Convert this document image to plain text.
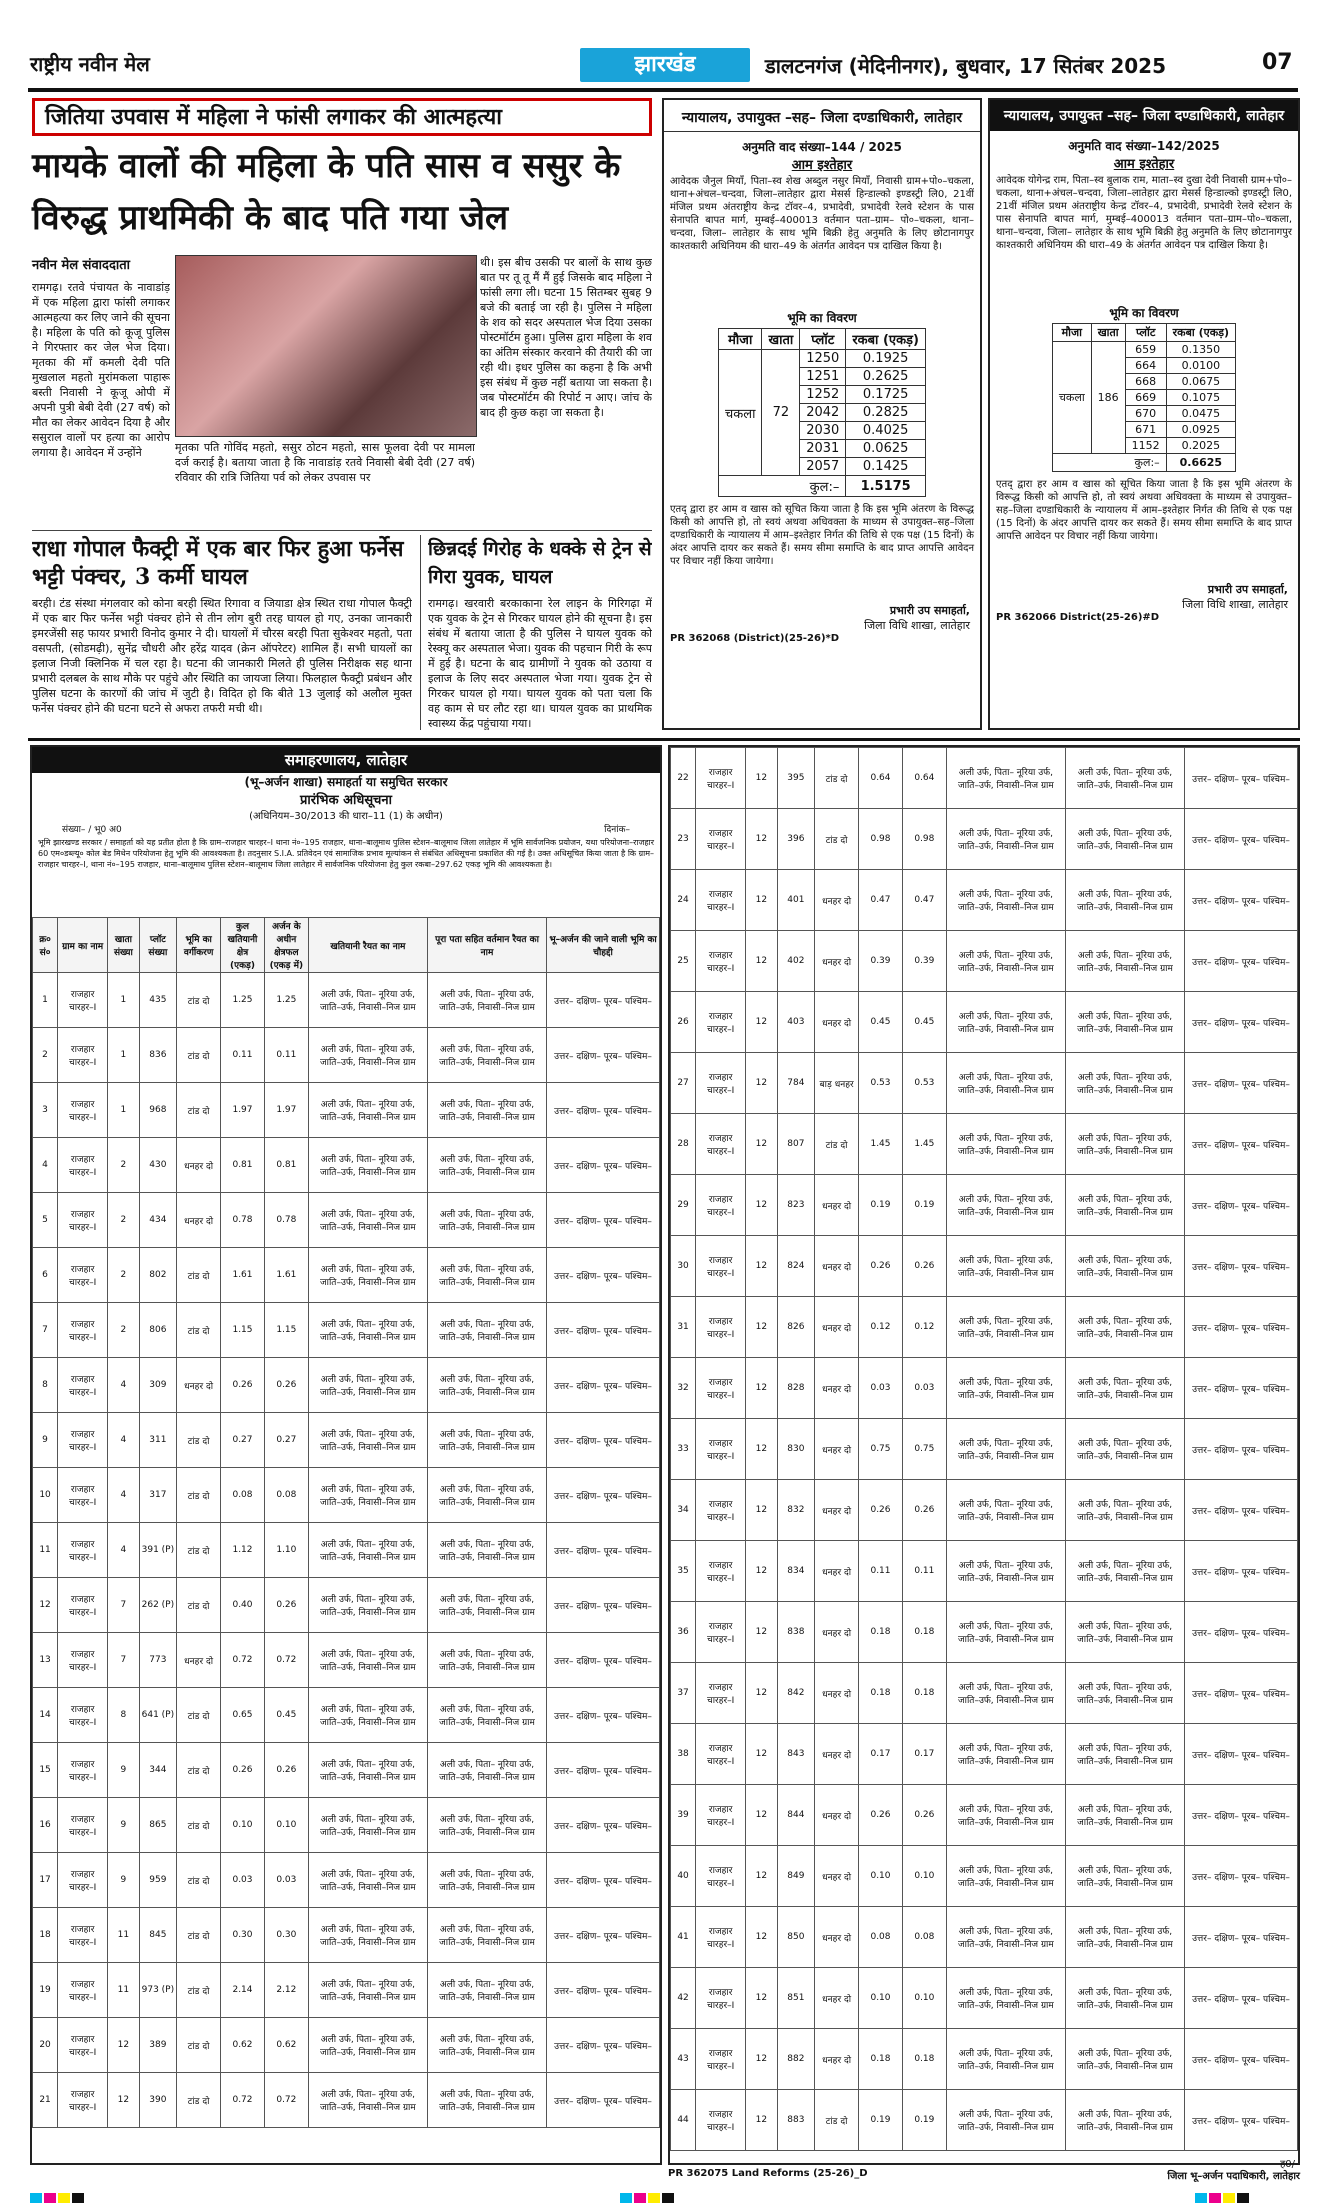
राष्ट्रीय नवीन मेल	झारखंड	डालटनगंज (मेदिनीनगर), बुधवार, 17 सितंबर 2025	07
जितिया उपवास में महिला ने फांसी लगाकर की आत्महत्या
मायके वालों की महिला के पति सास व ससुर के विरुद्ध प्राथमिकी के बाद पति गया जेल
नवीन मेल संवाददाता
रामगढ़। रतवे पंचायत के नावाडांड़ में एक महिला द्वारा फांसी लगाकर आत्महत्या कर लिए जाने की सूचना है। महिला के पति को कूजू पुलिस ने गिरफ्तार कर जेल भेज दिया। मृतका की माँ कमली देवी पति मुखलाल महतो मुरांमकला पाहारू बस्ती निवासी ने कूजू ओपी में अपनी पुत्री बेबी देवी (27 वर्ष) को मौत का लेकर आवेदन दिया है और ससुराल वालों पर हत्या का आरोप लगाया है। आवेदन में उन्होंने
थी। इस बीच उसकी पर बालों के साथ कुछ बात पर तू तू मैं मैं हुई जिसके बाद महिला ने फांसी लगा ली। घटना 15 सितम्बर सुबह 9 बजे की बताई जा रही है। पुलिस ने महिला के शव को सदर अस्पताल भेज दिया उसका पोस्टमॉर्टम हुआ। पुलिस द्वारा महिला के शव का अंतिम संस्कार करवाने की तैयारी की जा रही थी। इधर पुलिस का कहना है कि अभी इस संबंध में कुछ नहीं बताया जा सकता है। जब पोस्टमॉर्टम की रिपोर्ट न आए। जांच के बाद ही कुछ कहा जा सकता है।
मृतका पति गोविंद महतो, ससुर ठोटन महतो, सास फूलवा देवी पर मामला दर्ज कराई है। बताया जाता है कि नावाडांड़ रतवे निवासी बेबी देवी (27 वर्ष) रविवार की रात्रि जितिया पर्व को लेकर उपवास पर
राधा गोपाल फैक्ट्री में एक बार फिर हुआ फर्नेस भट्टी पंक्चर, 3 कर्मी घायल
बरही। टंड संस्था मंगलवार को कोना बरही स्थित रिगावा व जियाडा क्षेत्र स्थित राधा गोपाल फैक्ट्री में एक बार फिर फर्नेस भट्टी पंक्चर होने से तीन लोग बुरी तरह घायल हो गए, उनका जानकारी इमरजेंसी सह फायर प्रभारी विनोद कुमार ने दी। घायलों में चौरस बरही पिता सुकेश्वर महतो, पता वसपती, (सोडमढ़ी), सुनेंद्र चौधरी और हरेंद्र यादव (क्रेन ऑपरेटर) शामिल हैं। सभी घायलों का इलाज निजी क्लिनिक में चल रहा है। घटना की जानकारी मिलते ही पुलिस निरीक्षक सह थाना प्रभारी दलबल के साथ मौके पर पहुंचे और स्थिति का जायजा लिया। फिलहाल फैक्ट्री प्रबंधन और पुलिस घटना के कारणों की जांच में जुटी है। विदित हो कि बीते 13 जुलाई को अलौल मुक्त फर्नेस पंक्चर होने की घटना घटने से अफरा तफरी मची थी।
छिन्नदई गिरोह के धक्के से ट्रेन से गिरा युवक, घायल
रामगढ़। खरवारी बरकाकाना रेल लाइन के गिरिगढ़ा में एक युवक के ट्रेन से गिरकर घायल होने की सूचना है। इस संबंध में बताया जाता है की पुलिस ने घायल युवक को रेस्क्यू कर अस्पताल भेजा। युवक की पहचान गिरी के रूप में हुई है। घटना के बाद ग्रामीणों ने युवक को उठाया व इलाज के लिए सदर अस्पताल भेजा गया। युवक ट्रेन से गिरकर घायल हो गया। घायल युवक को पता चला कि वह काम से घर लौट रहा था। घायल युवक का प्राथमिक स्वास्थ्य केंद्र पहुंचाया गया।
न्यायालय, उपायुक्त –सह– जिला दण्डाधिकारी, लातेहार
अनुमति वाद संख्या–144 / 2025
आम इश्तेहार
आवेदक जैनुल मियाँ, पिता–स्व शेख अब्दुल नसुर मियाँ, निवासी ग्राम+पो०–चकला, थाना+अंचल–चन्दवा, जिला–लातेहार द्वारा मेसर्स हिन्डाल्को इण्डस्ट्री लि0, 21वीं मंजिल प्रथम अंतराष्ट्रीय केन्द्र टॉवर–4, प्रभादेवी, प्रभादेवी रेलवे स्टेशन के पास सेनापति बापत मार्ग, मुम्बई–400013 वर्तमान पता–ग्राम– पो०–चकला, थाना–चन्दवा, जिला– लातेहार के साथ भूमि बिक्री हेतु अनुमति के लिए छोटानागपुर काश्तकारी अधिनियम की धारा–49 के अंतर्गत आवेदन पत्र दाखिल किया है।
भूमि का विवरण
मौजा	खाता	प्लॉट	रकबा (एकड़)
चकला	72	1250	0.1925
		1251	0.2625
		1252	0.1725
		2042	0.2825
		2030	0.4025
		2031	0.0625
		2057	0.1425
कुल:–			1.5175
एतद् द्वारा हर आम व खास को सूचित किया जाता है कि इस भूमि अंतरण के विरूद्ध किसी को आपत्ति हो, तो स्वयं अथवा अधिवक्ता के माध्यम से उपायुक्त–सह–जिला दण्डाधिकारी के न्यायालय में आम–इश्तेहार निर्गत की तिथि से एक पक्ष (15 दिनों) के अंदर आपत्ति दायर कर सकते हैं। समय सीमा समाप्ति के बाद प्राप्त आपत्ति आवेदन पर विचार नहीं किया जायेगा।
प्रभारी उप समाहर्ता,
जिला विधि शाखा, लातेहार
PR 362068 (District)(25-26)*D
न्यायालय, उपायुक्त –सह– जिला दण्डाधिकारी, लातेहार
अनुमति वाद संख्या–142/2025
आम इश्तेहार
आवेदक योगेन्द्र राम, पिता–स्व बुलाक राम, माता–स्व दुखा देवी निवासी ग्राम+पो०–चकला, थाना+अंचल–चन्दवा, जिला–लातेहार द्वारा मेसर्स हिन्डाल्को इण्डस्ट्री लि0, 21वीं मंजिल प्रथम अंतराष्ट्रीय केन्द्र टॉवर–4, प्रभादेवी, प्रभादेवी रेलवे स्टेशन के पास सेनापति बापत मार्ग, मुम्बई–400013 वर्तमान पता–ग्राम–पो०–चकला, थाना–चन्दवा, जिला– लातेहार के साथ भूमि बिक्री हेतु अनुमति के लिए छोटानागपुर काश्तकारी अधिनियम की धारा–49 के अंतर्गत आवेदन पत्र दाखिल किया है।
भूमि का विवरण
मौजा	खाता	प्लॉट	रकबा (एकड़)
चकला	186	659	0.1350
		664	0.0100
		668	0.0675
		669	0.1075
		670	0.0475
		671	0.0925
		1152	0.2025
कुल:–			0.6625
एतद् द्वारा हर आम व खास को सूचित किया जाता है कि इस भूमि अंतरण के विरूद्ध किसी को आपत्ति हो, तो स्वयं अथवा अधिवक्ता के माध्यम से उपायुक्त–सह–जिला दण्डाधिकारी के न्यायालय में आम–इश्तेहार निर्गत की तिथि से एक पक्ष (15 दिनों) के अंदर आपत्ति दायर कर सकते हैं। समय सीमा समाप्ति के बाद प्राप्त आपत्ति आवेदन पर विचार नहीं किया जायेगा।
प्रभारी उप समाहर्ता,
जिला विधि शाखा, लातेहार
PR 362066 District(25-26)#D
समाहरणालय, लातेहार
(भू–अर्जन शाखा) समाहर्ता या समुचित सरकार
प्रारंभिक अधिसूचना
(अधिनियम–30/2013 की धारा–11 (1) के अधीन)
संख्या– / भू0 अ0	दिनांक–
भूमि झारखण्ड सरकार / समाहर्ता को यह प्रतीत होता है कि ग्राम–राजहार चारहर–I थाना नं०–195 राजहार, थाना–बालूमाथ पुलिस स्टेशन–बालूमाथ जिला लातेहार में भूमि सार्वजनिक प्रयोजन, यथा परियोजना–राजहार 60 एम०डब्ल्यू० कोल बेड मिथेन परियोजना हेतु भूमि की आवश्यकता है। तदनुसार S.I.A. प्रतिवेदन एवं सामाजिक प्रभाव मूल्यांकन से संबंधित अधिसूचना प्रकाशित की गई है। उक्त अधिसूचित किया जाता है कि ग्राम–राजहार चारहर–I, थाना नं०–195 राजहार, थाना–बालूमाथ पुलिस स्टेशन–बालूमाथ जिला लातेहार में सार्वजनिक परियोजना हेतु कुल रकबा–297.62 एकड़ भूमि की आवश्यकता है।
क्र० सं०	ग्राम का नाम	खाता संख्या	प्लॉट संख्या	भूमि का वर्गीकरण	कुल खतियानी क्षेत्र (एकड़)	अर्जन के अधीन क्षेत्रफल (एकड़ में)	खतियानी रैयत का नाम	पूरा पता सहित वर्तमान रैयत का नाम	भू–अर्जन की जाने वाली भूमि का चौहद्दी
1	राजहार चारहर–I	1	435	टांड दो	1.25	1.25	अली उर्फ, पिता– नूरिया उर्फ, जाति–उर्फ, निवासी–निज ग्राम	अली उर्फ, पिता– नूरिया उर्फ, जाति–उर्फ, निवासी–निज ग्राम	उत्तर– दक्षिण– पूरब– पश्चिम–
2	राजहार चारहर–I	1	836	टांड दो	0.11	0.11	अली उर्फ, पिता– नूरिया उर्फ, जाति–उर्फ, निवासी–निज ग्राम	अली उर्फ, पिता– नूरिया उर्फ, जाति–उर्फ, निवासी–निज ग्राम	उत्तर– दक्षिण– पूरब– पश्चिम–
3	राजहार चारहर–I	1	968	टांड दो	1.97	1.97	अली उर्फ, पिता– नूरिया उर्फ, जाति–उर्फ, निवासी–निज ग्राम	अली उर्फ, पिता– नूरिया उर्फ, जाति–उर्फ, निवासी–निज ग्राम	उत्तर– दक्षिण– पूरब– पश्चिम–
4	राजहार चारहर–I	2	430	धनहर दो	0.81	0.81	अली उर्फ, पिता– नूरिया उर्फ, जाति–उर्फ, निवासी–निज ग्राम	अली उर्फ, पिता– नूरिया उर्फ, जाति–उर्फ, निवासी–निज ग्राम	उत्तर– दक्षिण– पूरब– पश्चिम–
5	राजहार चारहर–I	2	434	धनहर दो	0.78	0.78	अली उर्फ, पिता– नूरिया उर्फ, जाति–उर्फ, निवासी–निज ग्राम	अली उर्फ, पिता– नूरिया उर्फ, जाति–उर्फ, निवासी–निज ग्राम	उत्तर– दक्षिण– पूरब– पश्चिम–
6	राजहार चारहर–I	2	802	टांड दो	1.61	1.61	अली उर्फ, पिता– नूरिया उर्फ, जाति–उर्फ, निवासी–निज ग्राम	अली उर्फ, पिता– नूरिया उर्फ, जाति–उर्फ, निवासी–निज ग्राम	उत्तर– दक्षिण– पूरब– पश्चिम–
7	राजहार चारहर–I	2	806	टांड दो	1.15	1.15	अली उर्फ, पिता– नूरिया उर्फ, जाति–उर्फ, निवासी–निज ग्राम	अली उर्फ, पिता– नूरिया उर्फ, जाति–उर्फ, निवासी–निज ग्राम	उत्तर– दक्षिण– पूरब– पश्चिम–
8	राजहार चारहर–I	4	309	धनहर दो	0.26	0.26	अली उर्फ, पिता– नूरिया उर्फ, जाति–उर्फ, निवासी–निज ग्राम	अली उर्फ, पिता– नूरिया उर्फ, जाति–उर्फ, निवासी–निज ग्राम	उत्तर– दक्षिण– पूरब– पश्चिम–
9	राजहार चारहर–I	4	311	टांड दो	0.27	0.27	अली उर्फ, पिता– नूरिया उर्फ, जाति–उर्फ, निवासी–निज ग्राम	अली उर्फ, पिता– नूरिया उर्फ, जाति–उर्फ, निवासी–निज ग्राम	उत्तर– दक्षिण– पूरब– पश्चिम–
10	राजहार चारहर–I	4	317	टांड दो	0.08	0.08	अली उर्फ, पिता– नूरिया उर्फ, जाति–उर्फ, निवासी–निज ग्राम	अली उर्फ, पिता– नूरिया उर्फ, जाति–उर्फ, निवासी–निज ग्राम	उत्तर– दक्षिण– पूरब– पश्चिम–
11	राजहार चारहर–I	4	391 (P)	टांड दो	1.12	1.10	अली उर्फ, पिता– नूरिया उर्फ, जाति–उर्फ, निवासी–निज ग्राम	अली उर्फ, पिता– नूरिया उर्फ, जाति–उर्फ, निवासी–निज ग्राम	उत्तर– दक्षिण– पूरब– पश्चिम–
12	राजहार चारहर–I	7	262 (P)	टांड दो	0.40	0.26	अली उर्फ, पिता– नूरिया उर्फ, जाति–उर्फ, निवासी–निज ग्राम	अली उर्फ, पिता– नूरिया उर्फ, जाति–उर्फ, निवासी–निज ग्राम	उत्तर– दक्षिण– पूरब– पश्चिम–
13	राजहार चारहर–I	7	773	धनहर दो	0.72	0.72	अली उर्फ, पिता– नूरिया उर्फ, जाति–उर्फ, निवासी–निज ग्राम	अली उर्फ, पिता– नूरिया उर्फ, जाति–उर्फ, निवासी–निज ग्राम	उत्तर– दक्षिण– पूरब– पश्चिम–
14	राजहार चारहर–I	8	641 (P)	टांड दो	0.65	0.45	अली उर्फ, पिता– नूरिया उर्फ, जाति–उर्फ, निवासी–निज ग्राम	अली उर्फ, पिता– नूरिया उर्फ, जाति–उर्फ, निवासी–निज ग्राम	उत्तर– दक्षिण– पूरब– पश्चिम–
15	राजहार चारहर–I	9	344	टांड दो	0.26	0.26	अली उर्फ, पिता– नूरिया उर्फ, जाति–उर्फ, निवासी–निज ग्राम	अली उर्फ, पिता– नूरिया उर्फ, जाति–उर्फ, निवासी–निज ग्राम	उत्तर– दक्षिण– पूरब– पश्चिम–
16	राजहार चारहर–I	9	865	टांड दो	0.10	0.10	अली उर्फ, पिता– नूरिया उर्फ, जाति–उर्फ, निवासी–निज ग्राम	अली उर्फ, पिता– नूरिया उर्फ, जाति–उर्फ, निवासी–निज ग्राम	उत्तर– दक्षिण– पूरब– पश्चिम–
17	राजहार चारहर–I	9	959	टांड दो	0.03	0.03	अली उर्फ, पिता– नूरिया उर्फ, जाति–उर्फ, निवासी–निज ग्राम	अली उर्फ, पिता– नूरिया उर्फ, जाति–उर्फ, निवासी–निज ग्राम	उत्तर– दक्षिण– पूरब– पश्चिम–
18	राजहार चारहर–I	11	845	टांड दो	0.30	0.30	अली उर्फ, पिता– नूरिया उर्फ, जाति–उर्फ, निवासी–निज ग्राम	अली उर्फ, पिता– नूरिया उर्फ, जाति–उर्फ, निवासी–निज ग्राम	उत्तर– दक्षिण– पूरब– पश्चिम–
19	राजहार चारहर–I	11	973 (P)	टांड दो	2.14	2.12	अली उर्फ, पिता– नूरिया उर्फ, जाति–उर्फ, निवासी–निज ग्राम	अली उर्फ, पिता– नूरिया उर्फ, जाति–उर्फ, निवासी–निज ग्राम	उत्तर– दक्षिण– पूरब– पश्चिम–
20	राजहार चारहर–I	12	389	टांड दो	0.62	0.62	अली उर्फ, पिता– नूरिया उर्फ, जाति–उर्फ, निवासी–निज ग्राम	अली उर्फ, पिता– नूरिया उर्फ, जाति–उर्फ, निवासी–निज ग्राम	उत्तर– दक्षिण– पूरब– पश्चिम–
21	राजहार चारहर–I	12	390	टांड दो	0.72	0.72	अली उर्फ, पिता– नूरिया उर्फ, जाति–उर्फ, निवासी–निज ग्राम	अली उर्फ, पिता– नूरिया उर्फ, जाति–उर्फ, निवासी–निज ग्राम	उत्तर– दक्षिण– पूरब– पश्चिम–
22	राजहार चारहर–I	12	395	टांड दो	0.64	0.64	अली उर्फ, पिता– नूरिया उर्फ, जाति–उर्फ, निवासी–निज ग्राम	अली उर्फ, पिता– नूरिया उर्फ, जाति–उर्फ, निवासी–निज ग्राम	उत्तर– दक्षिण– पूरब– पश्चिम–
23	राजहार चारहर–I	12	396	टांड दो	0.98	0.98	अली उर्फ, पिता– नूरिया उर्फ, जाति–उर्फ, निवासी–निज ग्राम	अली उर्फ, पिता– नूरिया उर्फ, जाति–उर्फ, निवासी–निज ग्राम	उत्तर– दक्षिण– पूरब– पश्चिम–
24	राजहार चारहर–I	12	401	धनहर दो	0.47	0.47	अली उर्फ, पिता– नूरिया उर्फ, जाति–उर्फ, निवासी–निज ग्राम	अली उर्फ, पिता– नूरिया उर्फ, जाति–उर्फ, निवासी–निज ग्राम	उत्तर– दक्षिण– पूरब– पश्चिम–
25	राजहार चारहर–I	12	402	धनहर दो	0.39	0.39	अली उर्फ, पिता– नूरिया उर्फ, जाति–उर्फ, निवासी–निज ग्राम	अली उर्फ, पिता– नूरिया उर्फ, जाति–उर्फ, निवासी–निज ग्राम	उत्तर– दक्षिण– पूरब– पश्चिम–
26	राजहार चारहर–I	12	403	धनहर दो	0.45	0.45	अली उर्फ, पिता– नूरिया उर्फ, जाति–उर्फ, निवासी–निज ग्राम	अली उर्फ, पिता– नूरिया उर्फ, जाति–उर्फ, निवासी–निज ग्राम	उत्तर– दक्षिण– पूरब– पश्चिम–
27	राजहार चारहर–I	12	784	बाड़ धनहर	0.53	0.53	अली उर्फ, पिता– नूरिया उर्फ, जाति–उर्फ, निवासी–निज ग्राम	अली उर्फ, पिता– नूरिया उर्फ, जाति–उर्फ, निवासी–निज ग्राम	उत्तर– दक्षिण– पूरब– पश्चिम–
28	राजहार चारहर–I	12	807	टांड दो	1.45	1.45	अली उर्फ, पिता– नूरिया उर्फ, जाति–उर्फ, निवासी–निज ग्राम	अली उर्फ, पिता– नूरिया उर्फ, जाति–उर्फ, निवासी–निज ग्राम	उत्तर– दक्षिण– पूरब– पश्चिम–
29	राजहार चारहर–I	12	823	धनहर दो	0.19	0.19	अली उर्फ, पिता– नूरिया उर्फ, जाति–उर्फ, निवासी–निज ग्राम	अली उर्फ, पिता– नूरिया उर्फ, जाति–उर्फ, निवासी–निज ग्राम	उत्तर– दक्षिण– पूरब– पश्चिम–
30	राजहार चारहर–I	12	824	धनहर दो	0.26	0.26	अली उर्फ, पिता– नूरिया उर्फ, जाति–उर्फ, निवासी–निज ग्राम	अली उर्फ, पिता– नूरिया उर्फ, जाति–उर्फ, निवासी–निज ग्राम	उत्तर– दक्षिण– पूरब– पश्चिम–
31	राजहार चारहर–I	12	826	धनहर दो	0.12	0.12	अली उर्फ, पिता– नूरिया उर्फ, जाति–उर्फ, निवासी–निज ग्राम	अली उर्फ, पिता– नूरिया उर्फ, जाति–उर्फ, निवासी–निज ग्राम	उत्तर– दक्षिण– पूरब– पश्चिम–
32	राजहार चारहर–I	12	828	धनहर दो	0.03	0.03	अली उर्फ, पिता– नूरिया उर्फ, जाति–उर्फ, निवासी–निज ग्राम	अली उर्फ, पिता– नूरिया उर्फ, जाति–उर्फ, निवासी–निज ग्राम	उत्तर– दक्षिण– पूरब– पश्चिम–
33	राजहार चारहर–I	12	830	धनहर दो	0.75	0.75	अली उर्फ, पिता– नूरिया उर्फ, जाति–उर्फ, निवासी–निज ग्राम	अली उर्फ, पिता– नूरिया उर्फ, जाति–उर्फ, निवासी–निज ग्राम	उत्तर– दक्षिण– पूरब– पश्चिम–
34	राजहार चारहर–I	12	832	धनहर दो	0.26	0.26	अली उर्फ, पिता– नूरिया उर्फ, जाति–उर्फ, निवासी–निज ग्राम	अली उर्फ, पिता– नूरिया उर्फ, जाति–उर्फ, निवासी–निज ग्राम	उत्तर– दक्षिण– पूरब– पश्चिम–
35	राजहार चारहर–I	12	834	धनहर दो	0.11	0.11	अली उर्फ, पिता– नूरिया उर्फ, जाति–उर्फ, निवासी–निज ग्राम	अली उर्फ, पिता– नूरिया उर्फ, जाति–उर्फ, निवासी–निज ग्राम	उत्तर– दक्षिण– पूरब– पश्चिम–
36	राजहार चारहर–I	12	838	धनहर दो	0.18	0.18	अली उर्फ, पिता– नूरिया उर्फ, जाति–उर्फ, निवासी–निज ग्राम	अली उर्फ, पिता– नूरिया उर्फ, जाति–उर्फ, निवासी–निज ग्राम	उत्तर– दक्षिण– पूरब– पश्चिम–
37	राजहार चारहर–I	12	842	धनहर दो	0.18	0.18	अली उर्फ, पिता– नूरिया उर्फ, जाति–उर्फ, निवासी–निज ग्राम	अली उर्फ, पिता– नूरिया उर्फ, जाति–उर्फ, निवासी–निज ग्राम	उत्तर– दक्षिण– पूरब– पश्चिम–
38	राजहार चारहर–I	12	843	धनहर दो	0.17	0.17	अली उर्फ, पिता– नूरिया उर्फ, जाति–उर्फ, निवासी–निज ग्राम	अली उर्फ, पिता– नूरिया उर्फ, जाति–उर्फ, निवासी–निज ग्राम	उत्तर– दक्षिण– पूरब– पश्चिम–
39	राजहार चारहर–I	12	844	धनहर दो	0.26	0.26	अली उर्फ, पिता– नूरिया उर्फ, जाति–उर्फ, निवासी–निज ग्राम	अली उर्फ, पिता– नूरिया उर्फ, जाति–उर्फ, निवासी–निज ग्राम	उत्तर– दक्षिण– पूरब– पश्चिम–
40	राजहार चारहर–I	12	849	धनहर दो	0.10	0.10	अली उर्फ, पिता– नूरिया उर्फ, जाति–उर्फ, निवासी–निज ग्राम	अली उर्फ, पिता– नूरिया उर्फ, जाति–उर्फ, निवासी–निज ग्राम	उत्तर– दक्षिण– पूरब– पश्चिम–
41	राजहार चारहर–I	12	850	धनहर दो	0.08	0.08	अली उर्फ, पिता– नूरिया उर्फ, जाति–उर्फ, निवासी–निज ग्राम	अली उर्फ, पिता– नूरिया उर्फ, जाति–उर्फ, निवासी–निज ग्राम	उत्तर– दक्षिण– पूरब– पश्चिम–
42	राजहार चारहर–I	12	851	धनहर दो	0.10	0.10	अली उर्फ, पिता– नूरिया उर्फ, जाति–उर्फ, निवासी–निज ग्राम	अली उर्फ, पिता– नूरिया उर्फ, जाति–उर्फ, निवासी–निज ग्राम	उत्तर– दक्षिण– पूरब– पश्चिम–
43	राजहार चारहर–I	12	882	धनहर दो	0.18	0.18	अली उर्फ, पिता– नूरिया उर्फ, जाति–उर्फ, निवासी–निज ग्राम	अली उर्फ, पिता– नूरिया उर्फ, जाति–उर्फ, निवासी–निज ग्राम	उत्तर– दक्षिण– पूरब– पश्चिम–
44	राजहार चारहर–I	12	883	टांड दो	0.19	0.19	अली उर्फ, पिता– नूरिया उर्फ, जाति–उर्फ, निवासी–निज ग्राम	अली उर्फ, पिता– नूरिया उर्फ, जाति–उर्फ, निवासी–निज ग्राम	उत्तर– दक्षिण– पूरब– पश्चिम–
PR 362075 Land Reforms (25-26)_D
ह0/–
जिला भू–अर्जन पदाधिकारी, लातेहार
